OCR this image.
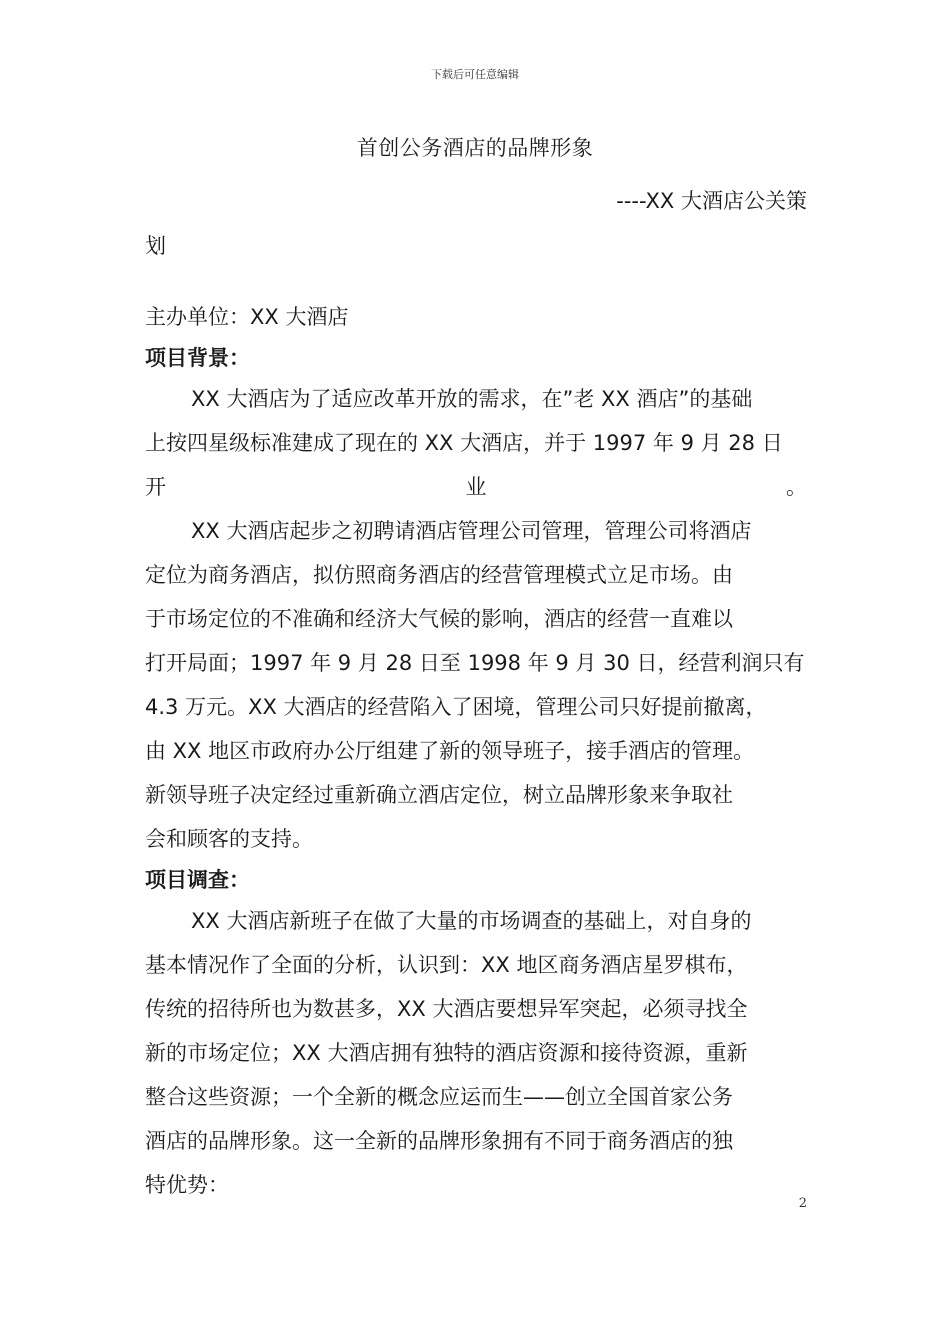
下载后可任意编辑
首创公务酒店的品牌形象
----XX 大酒店公关策
划
主办单位：XX 大酒店
项目背景：
XX 大酒店为了适应改革开放的需求，在”老 XX 酒店”的基础
上按四星级标准建成了现在的 XX 大酒店，并于 1997 年 9 月 28 日
开	业	。
XX 大酒店起步之初聘请酒店管理公司管理，管理公司将酒店
定位为商务酒店，拟仿照商务酒店的经营管理模式立足市场。由
于市场定位的不准确和经济大气候的影响，酒店的经营一直难以
打开局面；1997 年 9 月 28 日至 1998 年 9 月 30 日，经营利润只有
4.3 万元。XX 大酒店的经营陷入了困境，管理公司只好提前撤离，
由 XX 地区市政府办公厅组建了新的领导班子，接手酒店的管理。
新领导班子决定经过重新确立酒店定位，树立品牌形象来争取社
会和顾客的支持。
项目调查：
XX 大酒店新班子在做了大量的市场调查的基础上，对自身的
基本情况作了全面的分析，认识到：XX 地区商务酒店星罗棋布，
传统的招待所也为数甚多，XX 大酒店要想异军突起，必须寻找全
新的市场定位；XX 大酒店拥有独特的酒店资源和接待资源，重新
整合这些资源；一个全新的概念应运而生——创立全国首家公务
酒店的品牌形象。这一全新的品牌形象拥有不同于商务酒店的独
特优势：
2
